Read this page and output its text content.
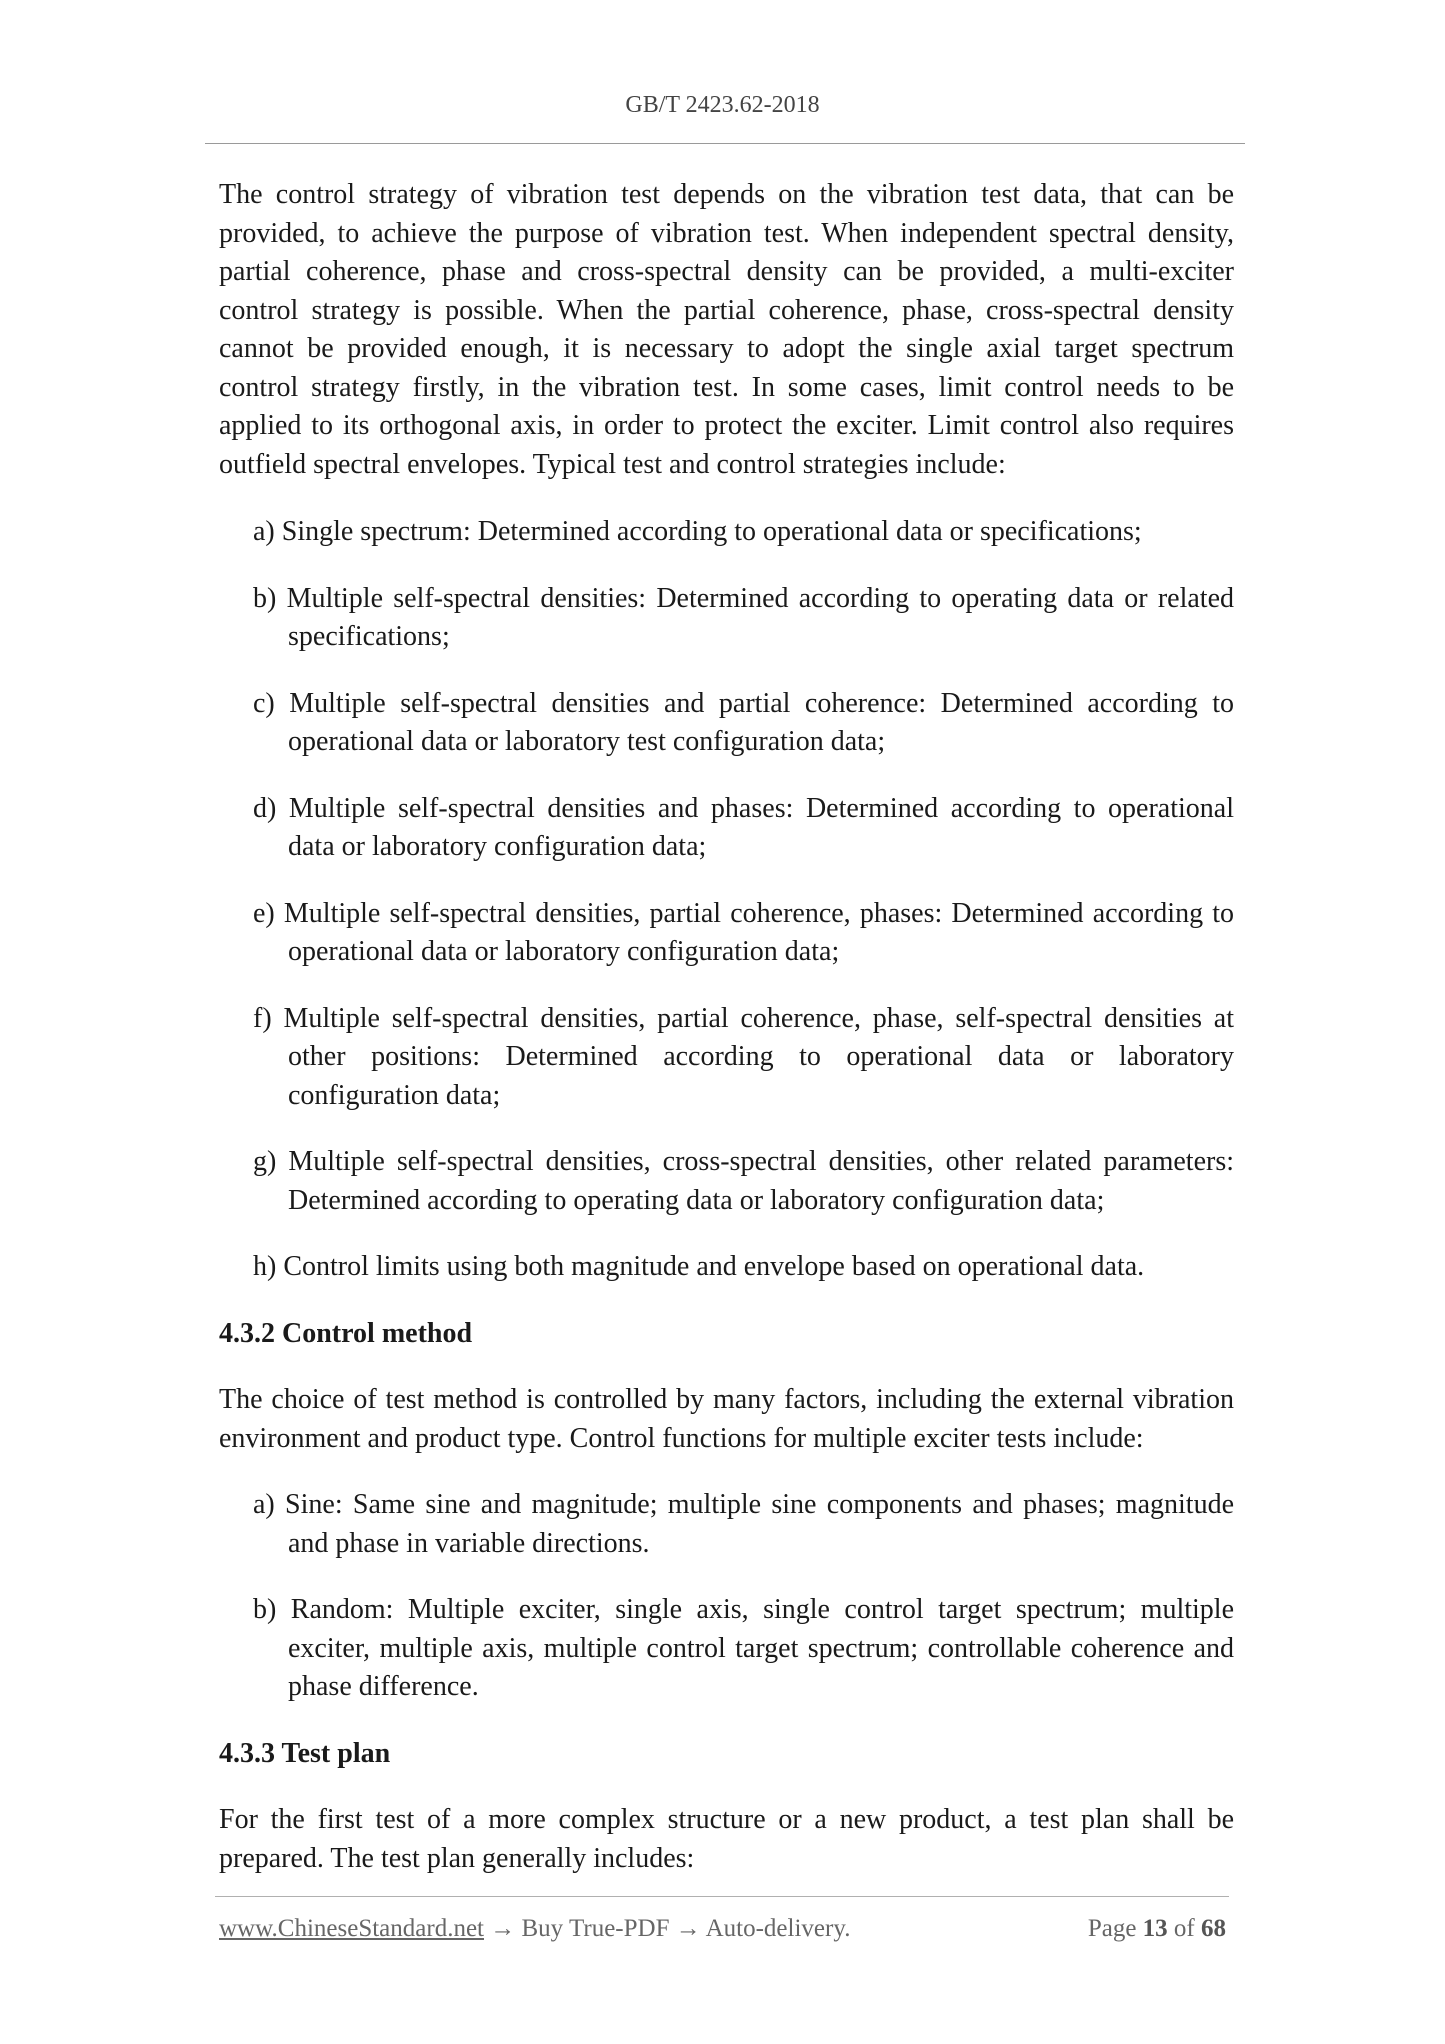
GB/T 2423.62-2018

The control strategy of vibration test depends on the vibration test data, that can be provided, to achieve the purpose of vibration test. When independent spectral density, partial coherence, phase and cross-spectral density can be provided, a multi-exciter control strategy is possible. When the partial coherence, phase, cross-spectral density cannot be provided enough, it is necessary to adopt the single axial target spectrum control strategy firstly, in the vibration test. In some cases, limit control needs to be applied to its orthogonal axis, in order to protect the exciter. Limit control also requires outfield spectral envelopes. Typical test and control strategies include:

a) Single spectrum: Determined according to operational data or specifications;
b) Multiple self-spectral densities: Determined according to operating data or related specifications;
c) Multiple self-spectral densities and partial coherence: Determined according to operational data or laboratory test configuration data;
d) Multiple self-spectral densities and phases: Determined according to operational data or laboratory configuration data;
e) Multiple self-spectral densities, partial coherence, phases: Determined according to operational data or laboratory configuration data;
f) Multiple self-spectral densities, partial coherence, phase, self-spectral densities at other positions: Determined according to operational data or laboratory configuration data;
g) Multiple self-spectral densities, cross-spectral densities, other related parameters: Determined according to operating data or laboratory configuration data;
h) Control limits using both magnitude and envelope based on operational data.
4.3.2 Control method

The choice of test method is controlled by many factors, including the external vibration environment and product type. Control functions for multiple exciter tests include:

a) Sine: Same sine and magnitude; multiple sine components and phases; magnitude and phase in variable directions.
b) Random: Multiple exciter, single axis, single control target spectrum; multiple exciter, multiple axis, multiple control target spectrum; controllable coherence and phase difference.
4.3.3 Test plan

For the first test of a more complex structure or a new product, a test plan shall be prepared. The test plan generally includes:

www.ChineseStandard.net → Buy True-PDF → Auto-delivery.	Page 13 of 68
